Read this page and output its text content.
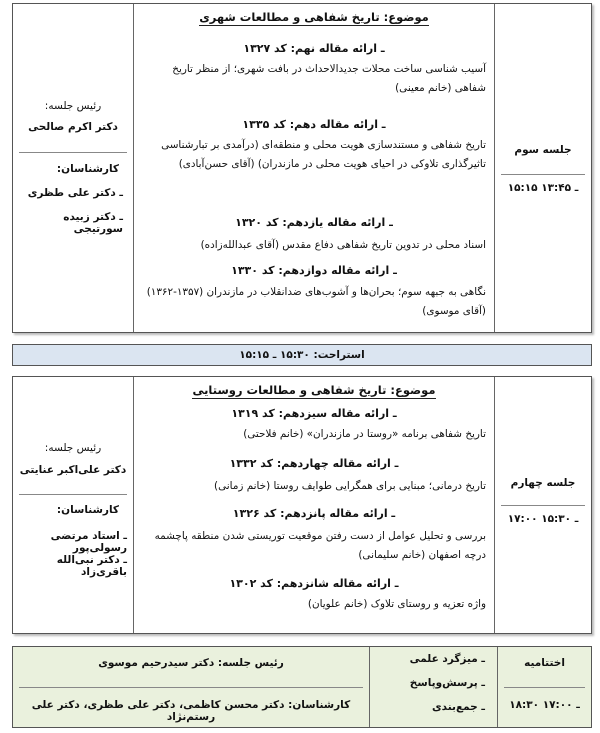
رئیس جلسه:
دکتر اکرم صالحی
کارشناسان:
ـ دکتر علی طظری
ـ دکتر زبیده سورتیجی
موضوع: تاریخ شفاهی و مطالعات شهری
ـ ارائه مقاله نهم: کد ۱۳۲۷
آسیب شناسی ساخت محلات جدیدالاحداث در بافت شهری؛ از منظر تاریخ شفاهی (خانم معینی)
ـ ارائه مقاله دهم: کد ۱۳۳۵
تاریخ شفاهی و مستندسازی هویت محلی و منطقه‌ای (درآمدی بر تبارشناسی تاثیرگذاری تلاوکی در احیای هویت محلی در مازندران) (آقای حسن‌آبادی)
ـ ارائه مقاله یازدهم: کد ۱۳۲۰
اسناد محلی در تدوین تاریخ شفاهی دفاع مقدس (آقای عبدالله‌زاده)
ـ ارائه مقاله دوازدهم: کد ۱۳۳۰
نگاهی به جبهه سوم؛ بحران‌ها و آشوب‌های ضدانقلاب در مازندران (۱۳۵۷-۱۳۶۲) (آقای موسوی)
جلسه سوم
۱۵:۱۵ ـ ۱۳:۴۵
استراحت: ۱۵:۳۰ ـ ۱۵:۱۵
رئیس جلسه:
دکتر علی‌اکبر عنایتی
کارشناسان:
ـ استاد مرتضی رسولی‌پور
ـ دکتر نبی‌الله باقری‌زاد
موضوع: تاریخ شفاهی و مطالعات روستایی
ـ ارائه مقاله سیزدهم: کد ۱۳۱۹
تاریخ شفاهی برنامه «روستا در مازندران» (خانم فلاحتی)
ـ ارائه مقاله چهاردهم: کد ۱۳۳۲
تاریخ درمانی؛ مبنایی برای همگرایی طوایف روستا (خانم زمانی)
ـ ارائه مقاله پانزدهم: کد ۱۳۲۶
بررسی و تحلیل عوامل از دست رفتن موقعیت توریستی شدن منطقه پاچشمه درچه اصفهان (خانم سلیمانی)
ـ ارائه مقاله شانزدهم: کد ۱۳۰۲
واژه تعزیه و روستای تلاوک (خانم علویان)
جلسه چهارم
۱۷:۰۰ ـ ۱۵:۳۰
رئیس جلسه: دکتر سیدرحیم موسوی
کارشناسان: دکتر محسن کاظمی، دکتر علی طظری، دکتر علی رستم‌نژاد
ـ میزگرد علمی
ـ پرسش‌وپاسخ
ـ جمع‌بندی
اختتامیه
۱۸:۳۰ ـ ۱۷:۰۰
